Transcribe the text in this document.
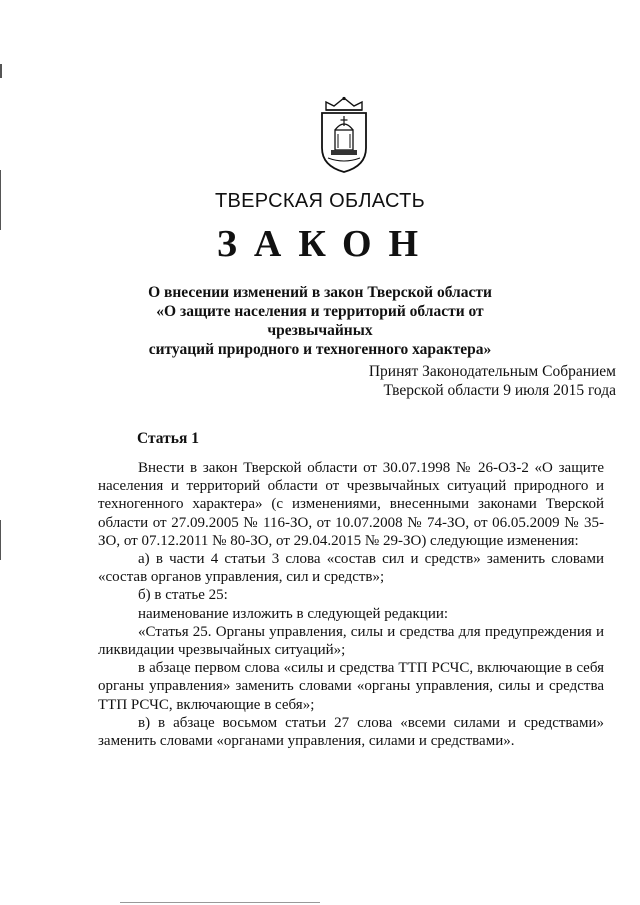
ТВЕРСКАЯ ОБЛАСТЬ
ЗАКОН
О внесении изменений в закон Тверской области
«О защите населения и территорий области от чрезвычайных
ситуаций природного и техногенного характера»
Принят Законодательным Собранием
Тверской области 9 июля 2015 года
Статья 1

Внести в закон Тверской области от 30.07.1998 № 26-ОЗ-2 «О защите населения и территорий области от чрезвычайных ситуаций природного и техногенного характера» (с изменениями, внесенными законами Тверской области от 27.09.2005 № 116-ЗО, от 10.07.2008 № 74-ЗО, от 06.05.2009 № 35-ЗО, от 07.12.2011 № 80-ЗО, от 29.04.2015 № 29-ЗО) следующие изменения:

а) в части 4 статьи 3 слова «состав сил и средств» заменить словами «состав органов управления, сил и средств»;

б) в статье 25:

наименование изложить в следующей редакции:

«Статья 25. Органы управления, силы и средства для предупреждения и ликвидации чрезвычайных ситуаций»;

в абзаце первом слова «силы и средства ТТП РСЧС, включающие в себя органы управления» заменить словами «органы управления, силы и средства ТТП РСЧС, включающие в себя»;

в) в абзаце восьмом статьи 27 слова «всеми силами и средствами» заменить словами «органами управления, силами и средствами».
